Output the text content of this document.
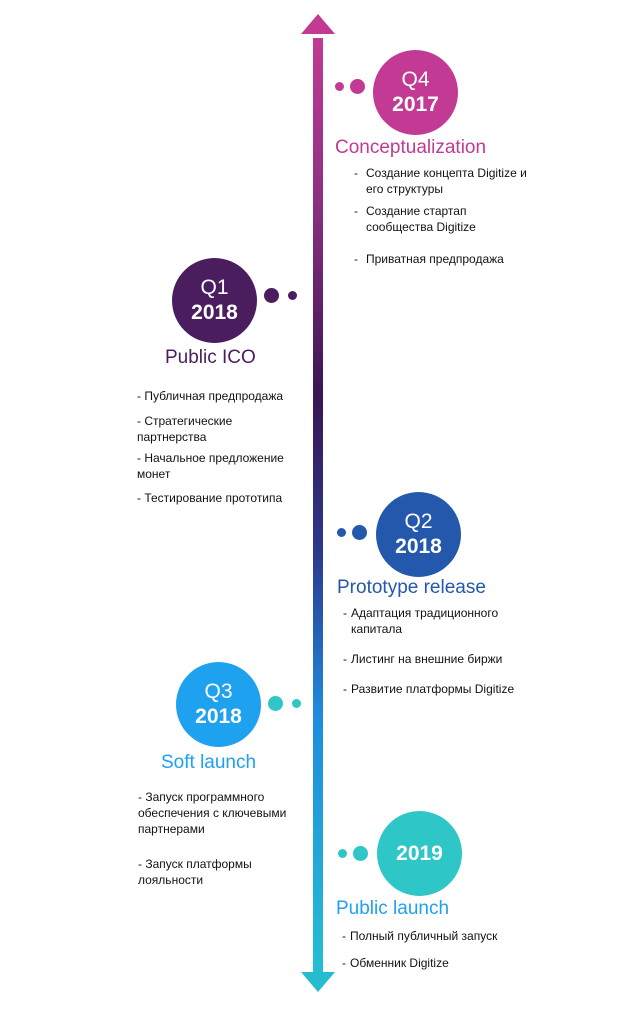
Q4
2017
Conceptualization
- Создание концепта Digitize и его структуры
- Создание стартап сообщества Digitize
- Приватная предпродажа
Q1
2018
Public ICO
- Публичная предпродажа
- Стратегические партнерства
- Начальное предложение монет
- Тестирование прототипа
Q2
2018
Prototype release
- Адаптация традиционного капитала
- Листинг на внешние биржи
- Развитие платформы Digitize
Q3
2018
Soft launch
- Запуск программного обеспечения с ключевыми партнерами
- Запуск платформы лояльности
2019
Public launch
- Полный публичный запуск
- Обменник Digitize
